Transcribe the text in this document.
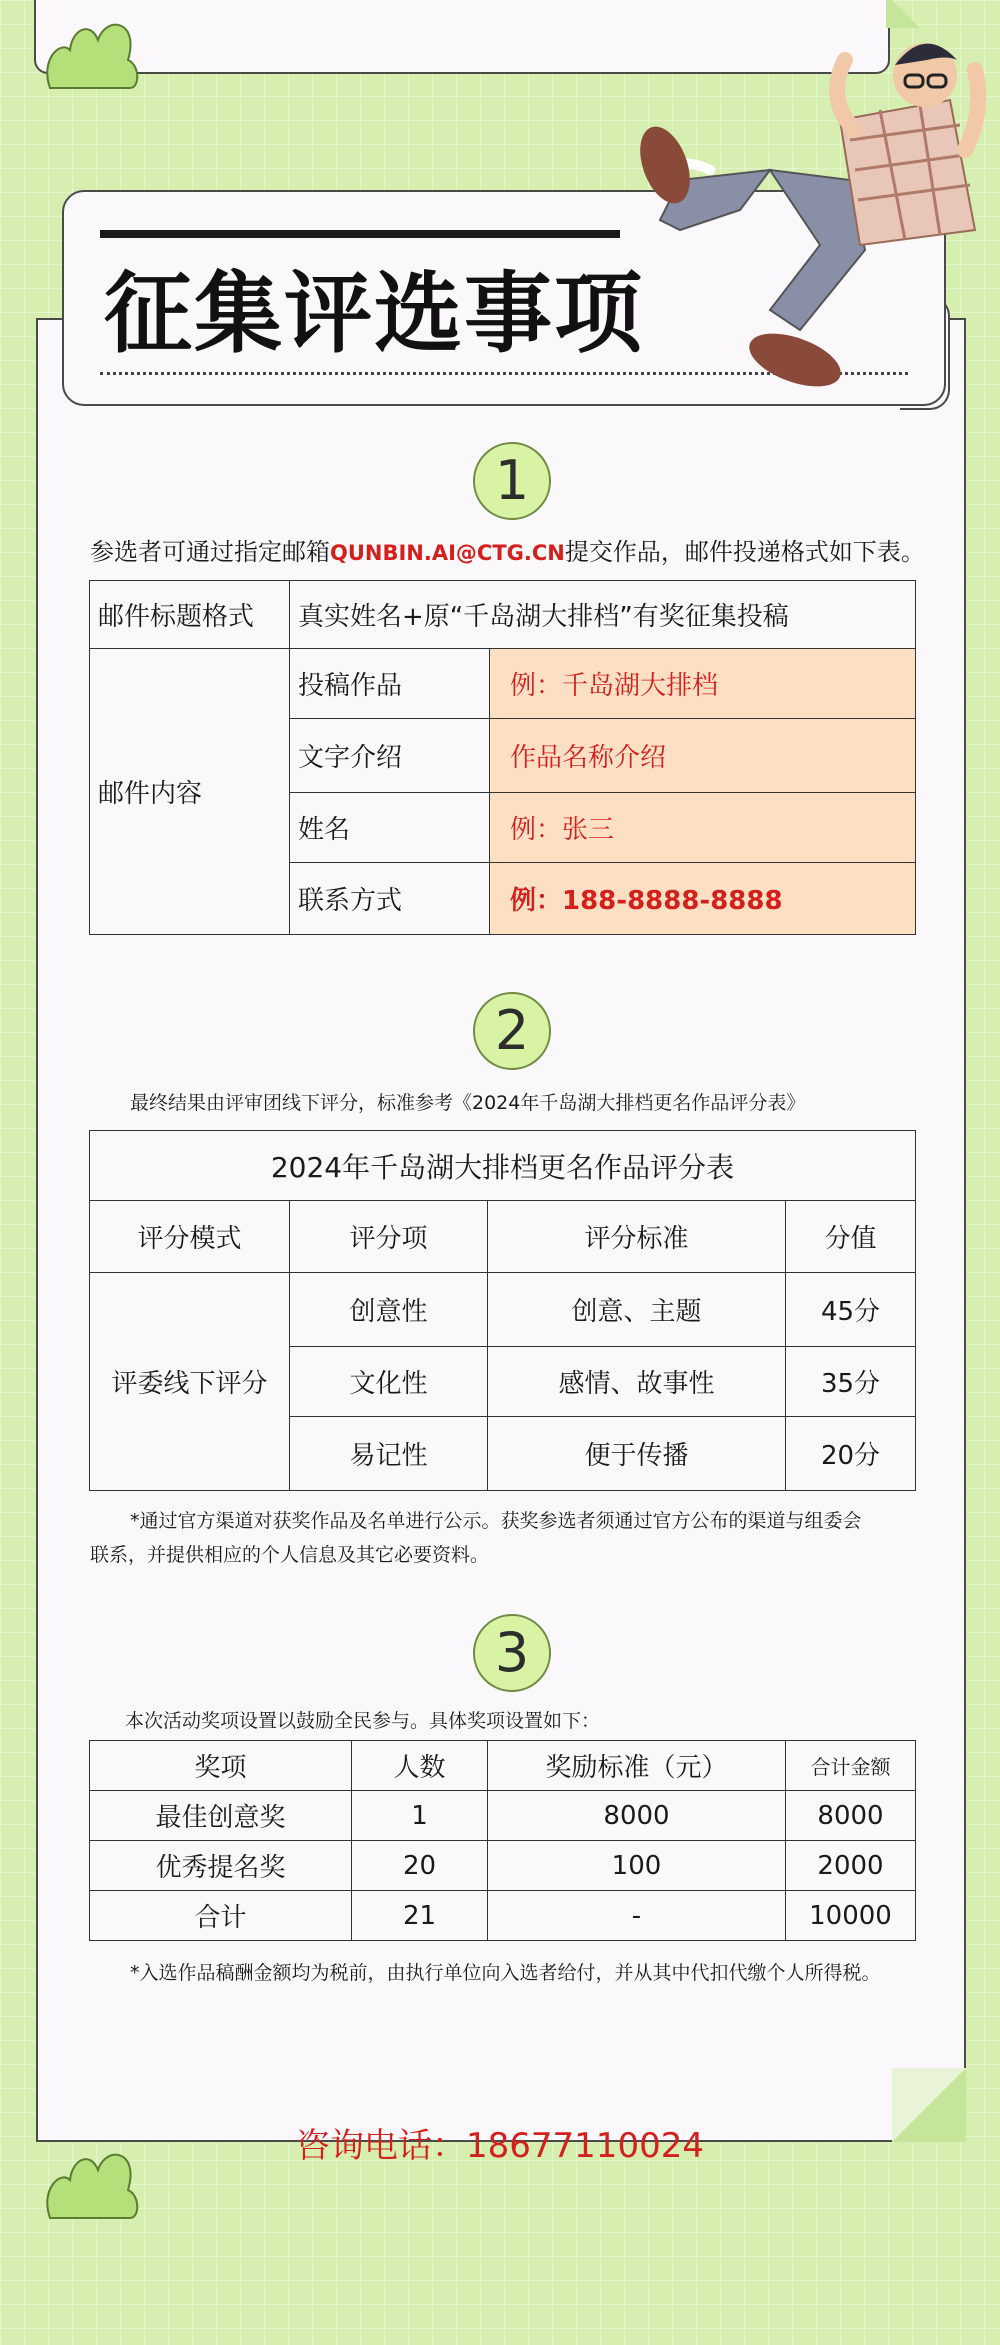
征集评选事项
1
参选者可通过指定邮箱QUNBIN.AI@CTG.CN提交作品，邮件投递格式如下表。
邮件标题格式	真实姓名+原“千岛湖大排档”有奖征集投稿	
邮件内容	投稿作品	例：千岛湖大排档
	文字介绍	作品名称介绍
	姓名	例：张三
	联系方式	例：188-8888-8888
2
最终结果由评审团线下评分，标准参考《2024年千岛湖大排档更名作品评分表》
2024年千岛湖大排档更名作品评分表			
评分模式	评分项	评分标准	分值
评委线下评分	创意性	创意、主题	45分
	文化性	感情、故事性	35分
	易记性	便于传播	20分
*通过官方渠道对获奖作品及名单进行公示。获奖参选者须通过官方公布的渠道与组委会
联系，并提供相应的个人信息及其它必要资料。
3
本次活动奖项设置以鼓励全民参与。具体奖项设置如下：
奖项	人数	奖励标准（元）	合计金额
最佳创意奖	1	8000	8000
优秀提名奖	20	100	2000
合计	21	-	10000
*入选作品稿酬金额均为税前，由执行单位向入选者给付，并从其中代扣代缴个人所得税。
咨询电话：18677110024
